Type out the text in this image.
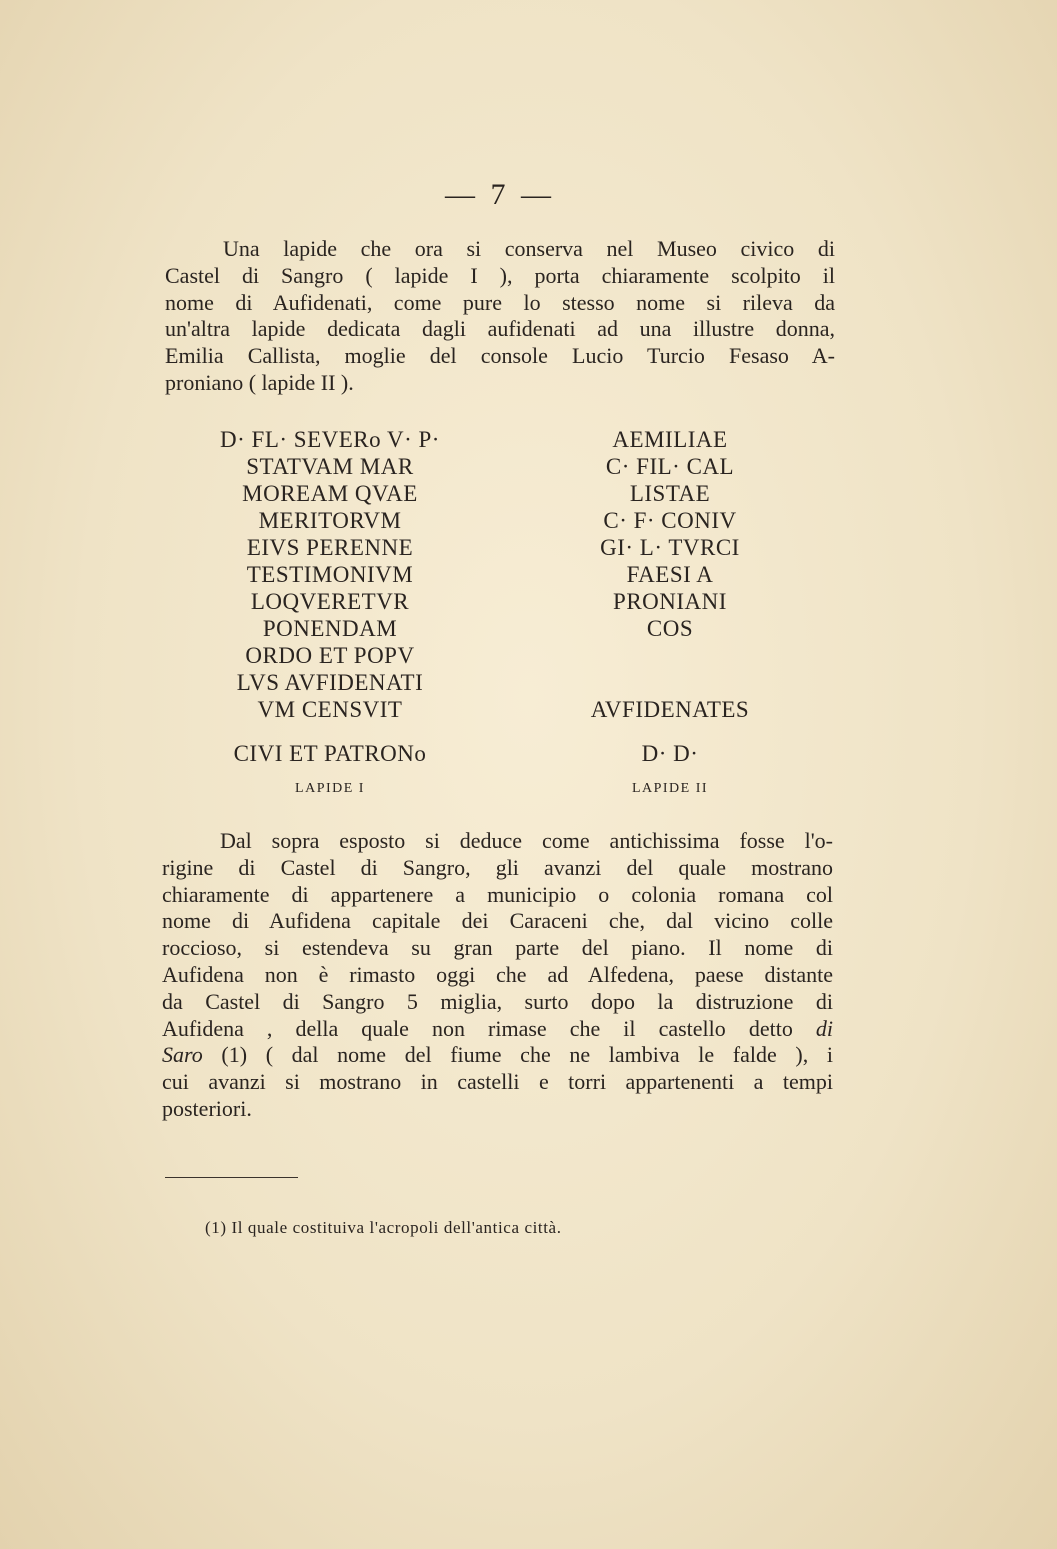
— 7 —
Una lapide che ora si conserva nel Museo civico di
Castel di Sangro ( lapide I ), porta chiaramente scolpito il
nome di Aufidenati, come pure lo stesso nome si rileva da
un'altra lapide dedicata dagli aufidenati ad una illustre donna,
Emilia Callista, moglie del console Lucio Turcio Fesaso A-
proniano ( lapide II ).
D· FL· SEVERo V· P·
STATVAM MAR
MOREAM QVAE
MERITORVM
EIVS PERENNE
TESTIMONIVM
LOQVERETVR
PONENDAM
ORDO ET POPV
LVS AVFIDENATI
VM CENSVIT
CIVI ET PATRONo
AEMILIAE
C· FIL· CAL
LISTAE
C· F· CONIV
GI· L· TVRCI
FAESI A
PRONIANI
COS
AVFIDENATES
D· D·
LAPIDE I	LAPIDE II
Dal sopra esposto si deduce come antichissima fosse l'o-
rigine di Castel di Sangro, gli avanzi del quale mostrano
chiaramente di appartenere a municipio o colonia romana col
nome di Aufidena capitale dei Caraceni che, dal vicino colle
roccioso, si estendeva su gran parte del piano. Il nome di
Aufidena non è rimasto oggi che ad Alfedena, paese distante
da Castel di Sangro 5 miglia, surto dopo la distruzione di
Aufidena , della quale non rimase che il castello detto di
Saro (1) ( dal nome del fiume che ne lambiva le falde ), i
cui avanzi si mostrano in castelli e torri appartenenti a tempi
posteriori.
(1) Il quale costituiva l'acropoli dell'antica città.
